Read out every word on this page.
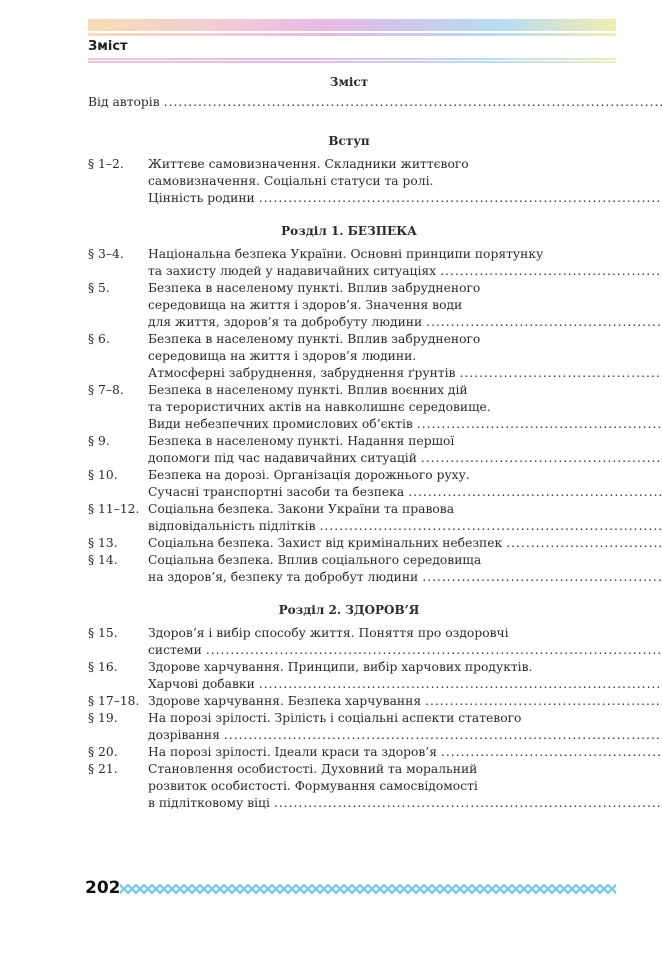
Зміст
Зміст
Від авторів
.....
Вступ
§ 1–2.	Життєве самовизначення. Складники життєвого
самовизначення. Соціальні статуси та ролі.
Цінність родини
.....
Розділ 1. БЕЗПЕКА
§ 3–4.	Національна безпека України. Основні принципи порятунку
та захисту людей у надавичайних ситуаціях
.....
§ 5.	Безпека в населеному пункті. Вплив забрудненого
середовища на життя і здоров’я. Значення води
для життя, здоров’я та добробуту людини
.....
§ 6.	Безпека в населеному пункті. Вплив забрудненого
середовища на життя і здоров’я людини.
Атмосферні забруднення, забруднення ґрунтів
.....
§ 7–8.	Безпека в населеному пункті. Вплив воєнних дій
та терористичних актів на навколишнє середовище.
Види небезпечних промислових об’єктів
.....
§ 9.	Безпека в населеному пункті. Надання першої
допомоги під час надавичайних ситуацій
.....
§ 10.	Безпека на дорозі. Організація дорожнього руху.
Сучасні транспортні засоби та безпека
.....
§ 11–12. Соціальна безпека. Закони України та правова
відповідальність підлітків
.....
§ 13.	Соціальна безпека. Захист від кримінальних небезпек
.....
§ 14.	Соціальна безпека. Вплив соціального середовища
на здоров’я, безпеку та добробут людини
.....
Розділ 2. ЗДОРОВ’Я
§ 15.	Здоров’я і вибір способу життя. Поняття про оздоровчі
системи
.....
§ 16.	Здорове харчування. Принципи, вибір харчових продуктів.
Харчові добавки
.....
§ 17–18. Здорове харчування. Безпека харчування
.....
§ 19.	На порозі зрілості. Зрілість і соціальні аспекти статевого
дозрівання
.....
§ 20.	На порозі зрілості. Ідеали краси та здоров’я
.....
§ 21.	Становлення особистості. Духовний та моральний
розвиток особистості. Формування самосвідомості
в підлітковому віці
.....
202
